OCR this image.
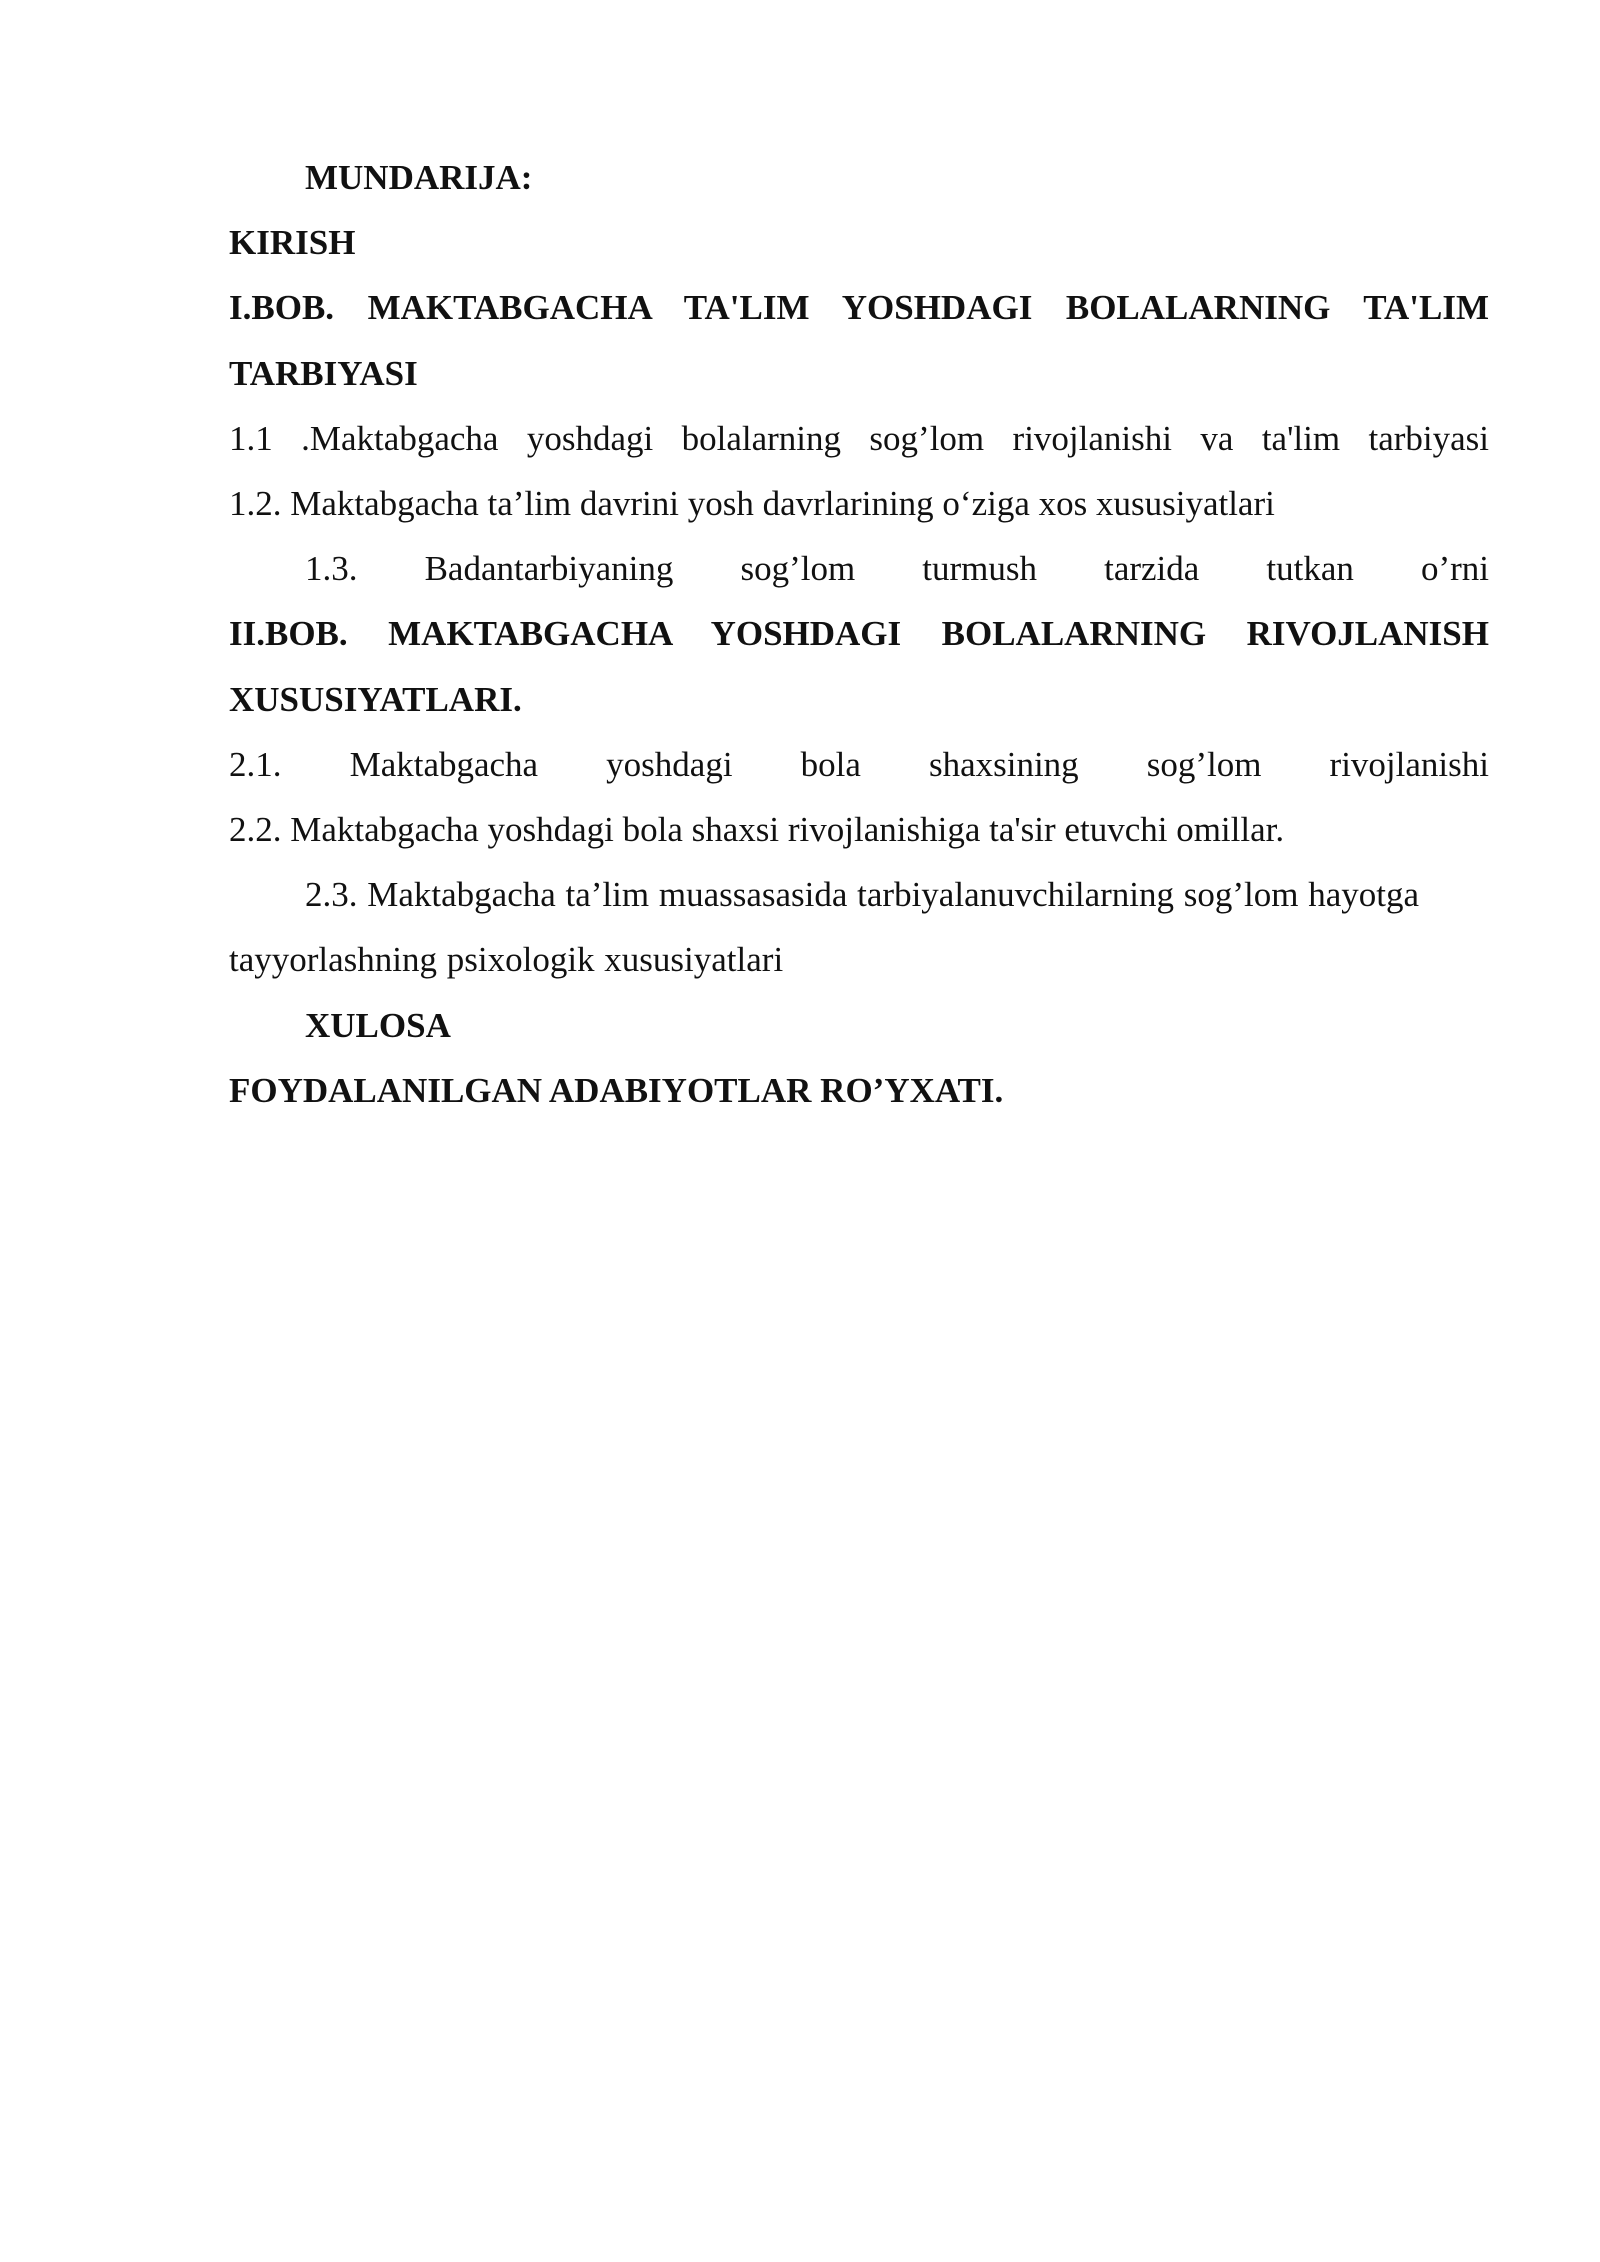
MUNDARIJA:
KIRISH
I.BOB. MAKTABGACHA TA'LIM YOSHDAGI BOLALARNING TA'LIM
TARBIYASI
1.1 .Maktabgacha yoshdagi bolalarning sog’lom rivojlanishi va ta'lim tarbiyasi
1.2. Maktabgacha ta’lim davrini yosh davrlarining o‘ziga xos xususiyatlari
1.3. Badantarbiyaning sog’lom turmush tarzida tutkan o’rni
II.BOB. MAKTABGACHA YOSHDAGI BOLALARNING RIVOJLANISH
XUSUSIYATLARI.
2.1. Maktabgacha yoshdagi bola shaxsining sog’lom rivojlanishi
2.2. Maktabgacha yoshdagi bola shaxsi rivojlanishiga ta'sir etuvchi omillar.
2.3. Maktabgacha ta’lim muassasasida tarbiyalanuvchilarning sog’lom hayotga tayyorlashning psixologik xususiyatlari
XULOSA
FOYDALANILGAN ADABIYOTLAR RO’YXATI.
